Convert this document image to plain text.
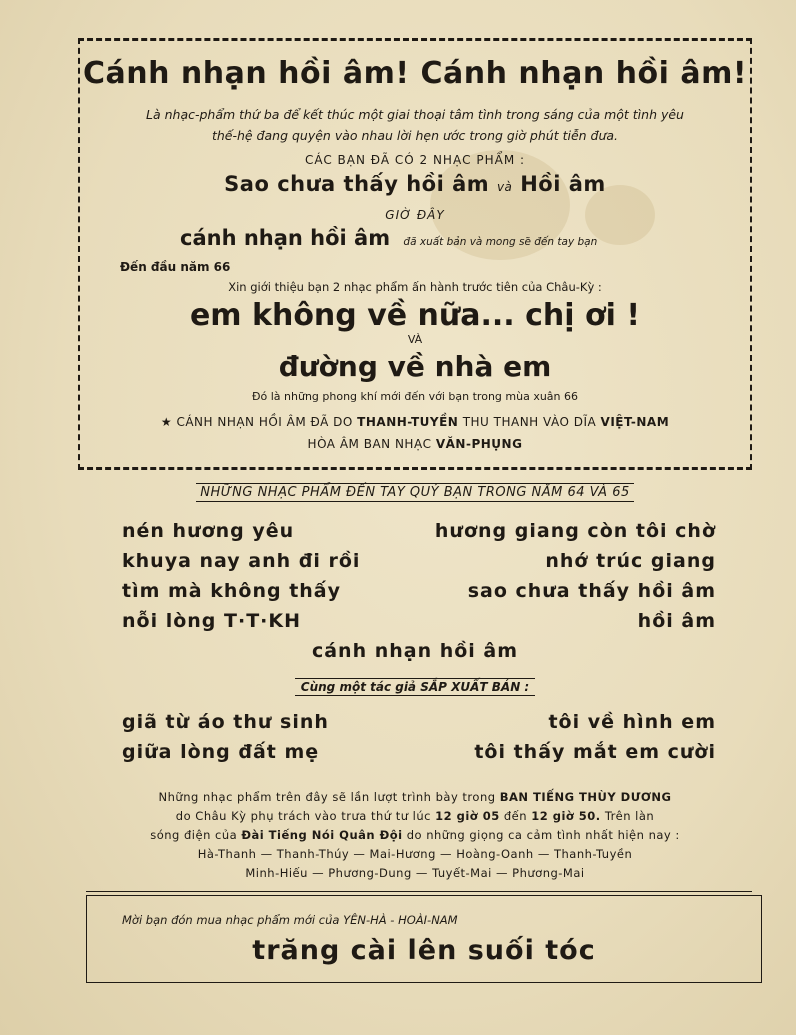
Cánh nhạn hồi âm! Cánh nhạn hồi âm!
Là nhạc-phẩm thứ ba để kết thúc một giai thoại tâm tình trong sáng của một tình yêu
thế-hệ đang quyện vào nhau lời hẹn ước trong giờ phút tiễn đưa.
CÁC BẠN ĐÃ CÓ 2 NHẠC PHẨM :
Sao chưa thấy hồi âm và Hồi âm
GIỜ ĐÂY
cánh nhạn hồi âm đã xuất bản và mong sẽ đến tay bạn
Đến đầu năm 66
Xin giới thiệu bạn 2 nhạc phẩm ấn hành trước tiên của Châu-Kỳ :
em không về nữa... chị ơi !
VÀ
đường về nhà em
Đó là những phong khí mới đến với bạn trong mùa xuân 66
★ CÁNH NHẠN HỒI ÂM ĐÃ DO THANH-TUYỀN THU THANH VÀO DĨA VIỆT-NAM
HÒA ÂM BAN NHẠC VĂN-PHỤNG
NHỮNG NHẠC PHẨM ĐẾN TAY QUÝ BẠN TRONG NĂM 64 VÀ 65
nén hương yêu
khuya nay anh đi rồi
tìm mà không thấy
nỗi lòng T·T·KH
hương giang còn tôi chờ
nhớ trúc giang
sao chưa thấy hồi âm
hồi âm
cánh nhạn hồi âm
Cùng một tác giả SẮP XUẤT BẢN :
giã từ áo thư sinh
giữa lòng đất mẹ
tôi về hình em
tôi thấy mắt em cười
Những nhạc phẩm trên đây sẽ lần lượt trình bày trong BAN TIẾNG THÙY DƯƠNG
do Châu Kỳ phụ trách vào trưa thứ tư lúc 12 giờ 05 đến 12 giờ 50. Trên làn
sóng điện của Đài Tiếng Nói Quân Đội do những giọng ca cảm tình nhất hiện nay :
Hà-Thanh — Thanh-Thúy — Mai-Hương — Hoàng-Oanh — Thanh-Tuyền
Minh-Hiếu — Phương-Dung — Tuyết-Mai — Phương-Mai
Mời bạn đón mua nhạc phẩm mới của YÊN-HÀ - HOÀI-NAM
trăng cài lên suối tóc
